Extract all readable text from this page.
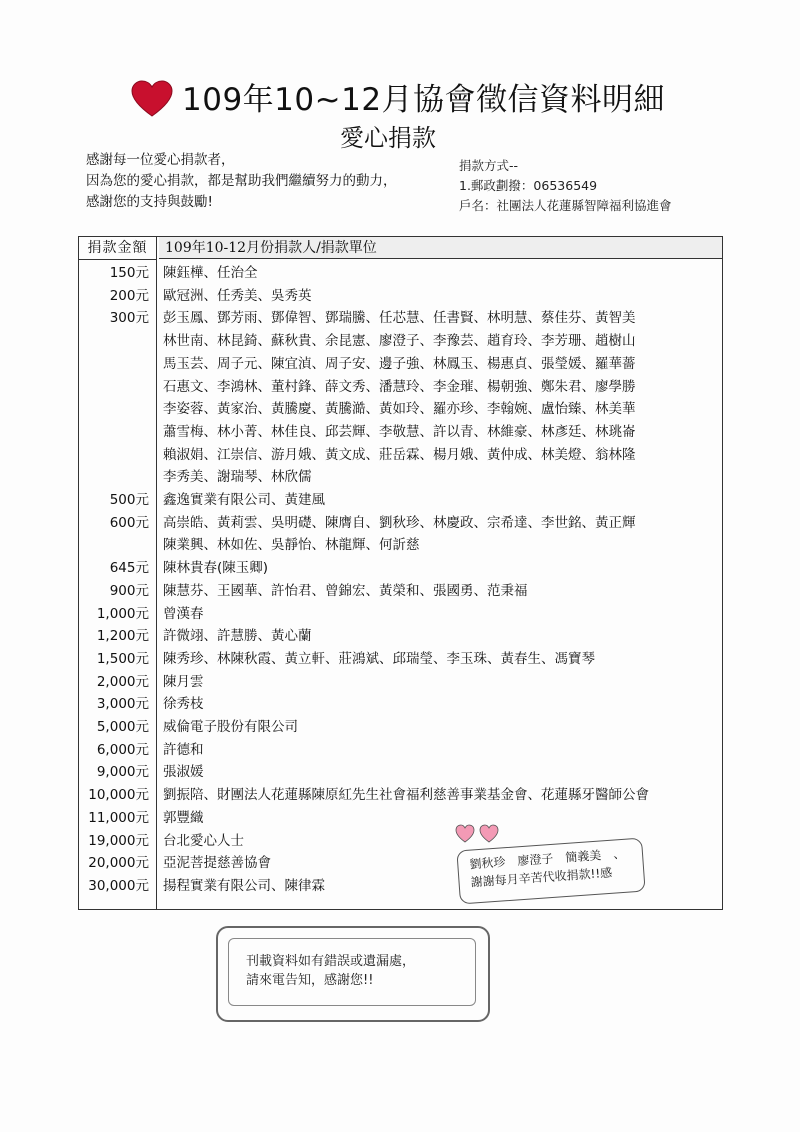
109年10~12月協會徵信資料明細
愛心捐款
感謝每一位愛心捐款者，
因為您的愛心捐款，都是幫助我們繼續努力的動力，
感謝您的支持與鼓勵!
捐款方式--
1.郵政劃撥：06536549
戶名：社團法人花蓮縣智障福利協進會
捐款金額	109年10-12月份捐款人/捐款單位
150元 陳鈺樺、任治全
200元 歐冠洲、任秀美、吳秀英
300元 彭玉鳳、鄧芳雨、鄧偉智、鄧瑞騰、任芯慧、任書賢、林明慧、蔡佳芬、黃智美
林世南、林昆錡、蘇秋貴、余昆憲、廖澄子、李豫芸、趙育玲、李芳珊、趙樹山
馬玉芸、周子元、陳宜湞、周子安、邊子強、林鳳玉、楊惠貞、張瑩媛、羅華薔
石惠文、李鴻林、董村鋒、薛文秀、潘慧玲、李金璀、楊朝強、鄭朱君、廖學勝
李姿蓉、黃家治、黃騰慶、黃騰澔、黃如玲、羅亦珍、李翰婉、盧怡臻、林美華
蕭雪梅、林小菁、林佳良、邱芸輝、李敬慧、許以青、林維豪、林彥廷、林珧崙
賴淑娟、江崇信、游月娥、黃文成、莊岳霖、楊月娥、黃仲成、林美燈、翁林隆
李秀美、謝瑞琴、林欣儒
500元 鑫逸實業有限公司、黃建風
600元 高崇皓、黃莉雲、吳明礎、陳膺自、劉秋珍、林慶政、宗希達、李世銘、黃正輝
陳業興、林如佐、吳靜怡、林龍輝、何訢慈
645元 陳林貴春(陳玉卿)
900元 陳慧芬、王國華、許怡君、曾錦宏、黃榮和、張國勇、范秉福
1,000元 曾漢春
1,200元 許微翊、許慧勝、黃心蘭
1,500元 陳秀珍、林陳秋霞、黃立軒、莊鴻斌、邱瑞瑩、李玉珠、黃春生、馮寶琴
2,000元 陳月雲
3,000元 徐秀枝
5,000元 威倫電子股份有限公司
6,000元 許德和
9,000元 張淑媛
10,000元 劉振陪、財團法人花蓮縣陳原紅先生社會福利慈善事業基金會、花蓮縣牙醫師公會
11,000元 郭豐織
19,000元 台北愛心人士
20,000元 亞泥菩提慈善協會
30,000元 揚程實業有限公司、陳律霖
劉秋珍　廖澄子　簡義美　、
謝謝每月辛苦代收捐款!!感
刊載資料如有錯誤或遺漏處，
請來電告知，感謝您!!
